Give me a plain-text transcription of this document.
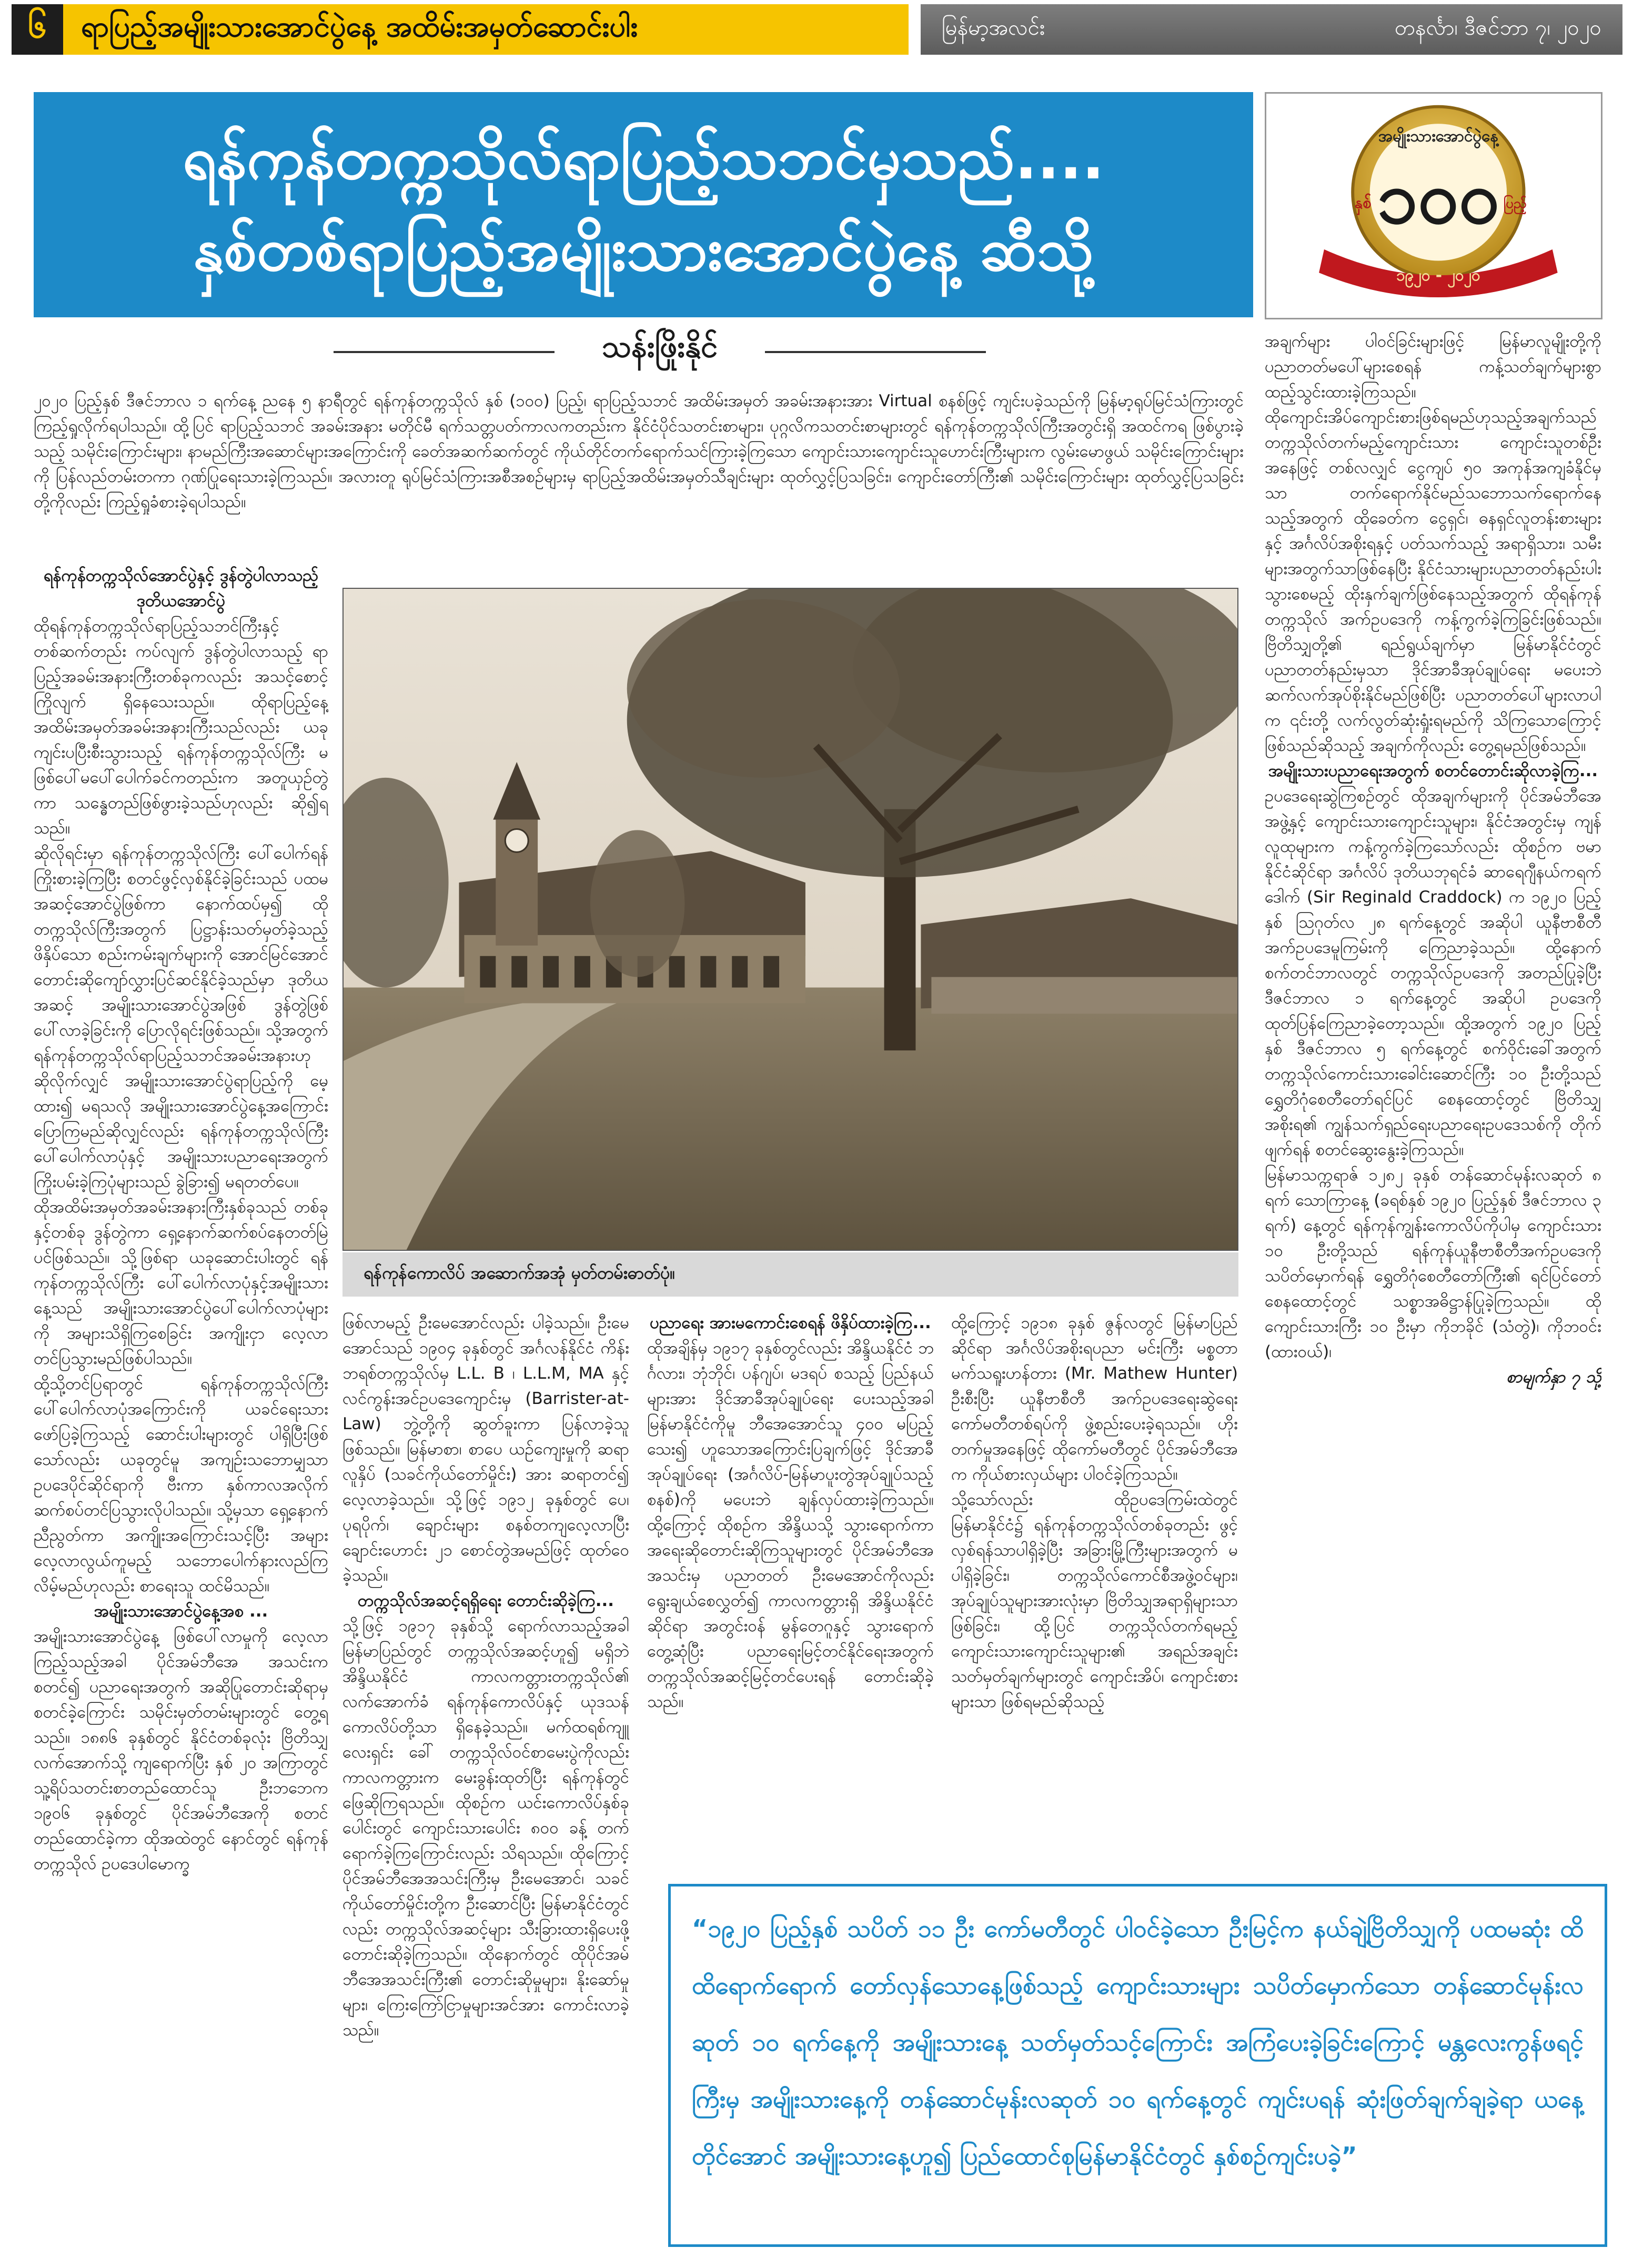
၆	ရာပြည့်အမျိုးသားအောင်ပွဲနေ့ အထိမ်းအမှတ်ဆောင်းပါး	မြန်မာ့အလင်း	တနင်္လာ၊ ဒီဇင်ဘာ ၇၊ ၂၀၂၀
ရန်ကုန်တက္ကသိုလ်ရာပြည့်သဘင်မှသည်....
နှစ်တစ်ရာပြည့်အမျိုးသားအောင်ပွဲနေ့ ဆီသို့
အမျိုးသားအောင်ပွဲနေ့
၁၀၀
နှစ်	ပြည့်
၁၉၂၀ - ၂၀၂၀
သန်းဖြိုးနိုင်
၂၀၂၀ ပြည့်နှစ် ဒီဇင်ဘာလ ၁ ရက်နေ့ ညနေ ၅ နာရီတွင် ရန်ကုန်တက္ကသိုလ် နှစ် (၁၀၀) ပြည့်၊ ရာပြည့်သဘင် အထိမ်းအမှတ် အခမ်းအနားအား Virtual စနစ်ဖြင့် ကျင်းပခဲ့သည်ကို မြန်မာ့ရုပ်မြင်သံကြားတွင် ကြည့်ရှုလိုက်ရပါသည်။ ထို့ပြင် ရာပြည့်သဘင် အခမ်းအနား မတိုင်မီ ရက်သတ္တပတ်ကာလကတည်းက နိုင်ငံပိုင်သတင်းစာများ၊ ပုဂ္ဂလိကသတင်းစာများတွင် ရန်ကုန်တက္ကသိုလ်ကြီးအတွင်းရှိ အထင်ကရ ဖြစ်ပွားခဲ့သည့် သမိုင်းကြောင်းများ၊ နာမည်ကြီးအဆောင်များအကြောင်းကို ခေတ်အဆက်ဆက်တွင် ကိုယ်တိုင်တက်ရောက်သင်ကြားခဲ့ကြသော ကျောင်းသားကျောင်းသူဟောင်းကြီးများက လွမ်းမောဖွယ် သမိုင်းကြောင်းများကို ပြန်လည်တမ်းတကာ ဂုဏ်ပြုရေးသားခဲ့ကြသည်။ အလားတူ ရုပ်မြင်သံကြားအစီအစဉ်များမှ ရာပြည့်အထိမ်းအမှတ်သီချင်းများ ထုတ်လွှင့်ပြသခြင်း၊ ကျောင်းတော်ကြီး၏ သမိုင်းကြောင်းများ ထုတ်လွှင့်ပြသခြင်းတို့ကိုလည်း ကြည့်ရှုခံစားခဲ့ရပါသည်။
ရန်ကုန်တက္ကသိုလ်အောင်ပွဲနှင့် ဒွန်တွဲပါလာသည့် ဒုတိယအောင်ပွဲ
ထိုရန်ကုန်တက္ကသိုလ်ရာပြည့်သဘင်ကြီးနှင့် တစ်ဆက်တည်း ကပ်လျက် ဒွန်တွဲပါလာသည့် ရာပြည့်အခမ်းအနားကြီးတစ်ခုကလည်း အသင့်စောင့်ကြိုလျက် ရှိနေသေးသည်။ ထိုရာပြည့်နေ့အထိမ်းအမှတ်အခမ်းအနားကြီးသည်လည်း ယခုကျင်းပပြီးစီးသွားသည့် ရန်ကုန်တက္ကသိုလ်ကြီး မဖြစ်ပေါ်မပေါ်ပေါက်ခင်ကတည်းက အတူယှဉ်တွဲကာ သန္ဓေတည်ဖြစ်ဖွားခဲ့သည်ဟုလည်း ဆို၍ရသည်။
ဆိုလိုရင်းမှာ ရန်ကုန်တက္ကသိုလ်ကြီး ပေါ်ပေါက်ရန် ကြိုးစားခဲ့ကြပြီး စတင်ဖွင့်လှစ်နိုင်ခဲ့ခြင်းသည် ပထမအဆင့်အောင်ပွဲဖြစ်ကာ နောက်ထပ်မှ၍ ထိုတက္ကသိုလ်ကြီးအတွက် ပြဋ္ဌာန်းသတ်မှတ်ခဲ့သည့် ဖိနှိပ်သော စည်းကမ်းချက်များကို အောင်မြင်အောင် တောင်းဆိုကျော်လွှားပြင်ဆင်နိုင်ခဲ့သည်မှာ ဒုတိယအဆင့် အမျိုးသားအောင်ပွဲအဖြစ် ဒွန်တွဲဖြစ်ပေါ်လာခဲ့ခြင်းကို ပြောလိုရင်းဖြစ်သည်။ သို့အတွက် ရန်ကုန်တက္ကသိုလ်ရာပြည့်သဘင်အခမ်းအနားဟု ဆိုလိုက်လျှင် အမျိုးသားအောင်ပွဲရာပြည့်ကို မေ့ထား၍ မရသလို အမျိုးသားအောင်ပွဲနေ့အကြောင်း ပြောကြမည်ဆိုလျှင်လည်း ရန်ကုန်တက္ကသိုလ်ကြီး ပေါ်ပေါက်လာပုံနှင့် အမျိုးသားပညာရေးအတွက်ကြိုးပမ်းခဲ့ကြပုံများသည် ခွဲခြား၍ မရတတ်ပေ။
ထိုအထိမ်းအမှတ်အခမ်းအနားကြီးနှစ်ခုသည် တစ်ခုနှင့်တစ်ခု ဒွန်တွဲကာ ရှေ့နောက်ဆက်စပ်နေတတ်မြဲပင်ဖြစ်သည်။ သို့ဖြစ်ရာ ယခုဆောင်းပါးတွင် ရန်ကုန်တက္ကသိုလ်ကြီး ပေါ်ပေါက်လာပုံနှင့်အမျိုးသားနေ့သည် အမျိုးသားအောင်ပွဲပေါ်ပေါက်လာပုံများကို အများသိရှိကြစေခြင်း အကျိုးငှာ လေ့လာတင်ပြသွားမည်ဖြစ်ပါသည်။
ထို့သို့တင်ပြရာတွင် ရန်ကုန်တက္ကသိုလ်ကြီး ပေါ်ပေါက်လာပုံအကြောင်းကို ယခင်ရေးသားဖော်ပြခဲ့ကြသည့် ဆောင်းပါးများတွင် ပါရှိပြီးဖြစ်သော်လည်း ယခုတွင်မူ အကျဉ်းသဘောမျှသာ ဥပဒေပိုင်ဆိုင်ရာကို ဗီးကာ နှစ်ကာလအလိုက် ဆက်စပ်တင်ပြသွားလိုပါသည်။ သို့မှသာ ရှေ့နောက်ညီညွတ်ကာ အကျိုးအကြောင်းသင့်ပြီး အများလေ့လာလွယ်ကူမည့် သဘောပေါက်နားလည်ကြလိမ့်မည်ဟုလည်း စာရေးသူ ထင်မိသည်။
အမျိုးသားအောင်ပွဲနေ့အစ ...
အမျိုးသားအောင်ပွဲနေ့ ဖြစ်ပေါ်လာမှုကို လေ့လာကြည့်သည့်အခါ ပိုင်အမ်ဘီအေ အသင်းက စတင်၍ ပညာရေးအတွက် အဆိုပြုတောင်းဆိုရာမှ စတင်ခဲ့ကြောင်း သမိုင်းမှတ်တမ်းများတွင် တွေ့ရသည်။ ၁၈၈၆ ခုနှစ်တွင် နိုင်ငံတစ်ခုလုံး ဗြိတိသျှ လက်အောက်သို့ ကျရောက်ပြီး နှစ် ၂၀ အကြာတွင် သူ့ရိပ်သတင်းစာတည်ထောင်သူ ဦးဘဘေက ၁၉၀၆ ခုနှစ်တွင် ပိုင်အမ်ဘီအေကို စတင်တည်ထောင်ခဲ့ကာ ထိုအထဲတွင် နောင်တွင် ရန်ကုန်တက္ကသိုလ် ဥပဒေပါမောက္ခ
ရန်ကုန်ကောလိပ် အဆောက်အအုံ မှတ်တမ်းဓာတ်ပုံ။
ဖြစ်လာမည့် ဦးမေအောင်လည်း ပါခဲ့သည်။ ဦးမေအောင်သည် ၁၉၀၄ ခုနှစ်တွင် အင်္ဂလန်နိုင်ငံ ကိန်းဘရစ်တက္ကသိုလ်မှ L.L. B ၊ L.L.M, MA နှင့် လင်ကွန်းအင်ဥပဒေကျောင်းမှ (Barrister-at-Law) ဘွဲ့တို့ကို ဆွတ်ခူးကာ ပြန်လာခဲ့သူဖြစ်သည်။ မြန်မာစာ၊ စာပေ ယဉ်ကျေးမှုကို ဆရာလူနှိပ် (သခင်ကိုယ်တော်မှိုင်း) အား ဆရာတင်၍ လေ့လာခဲ့သည်။ သို့ဖြင့် ၁၉၁၂ ခုနှစ်တွင် ပေ၊ ပုရပိုက်၊ ချောင်းများ စနစ်တကျလေ့လာပြီး ချောင်းဟောင်း ၂၁ စောင်တွဲအမည်ဖြင့် ထုတ်ဝေခဲ့သည်။
တက္ကသိုလ်အဆင့်ရရှိရေး တောင်းဆိုခဲ့ကြ...
သို့ဖြင့် ၁၉၁၇ ခုနှစ်သို့ ရောက်လာသည့်အခါ မြန်မာပြည်တွင် တက္ကသိုလ်အဆင့်ဟူ၍ မရှိဘဲ အိန္ဒိယနိုင်ငံ ကာလကတ္တားတက္ကသိုလ်၏ လက်အောက်ခံ ရန်ကုန်ကောလိပ်နှင့် ယုဒသန်ကောလိပ်တို့သာ ရှိနေခဲ့သည်။ မက်ထရစ်ကျူလေးရှင်း ခေါ် တက္ကသိုလ်ဝင်စာမေးပွဲကိုလည်း ကာလကတ္တားက မေးခွန်းထုတ်ပြီး ရန်ကုန်တွင် ဖြေဆိုကြရသည်။ ထိုစဉ်က ယင်းကောလိပ်နှစ်ခုပေါင်းတွင် ကျောင်းသားပေါင်း ၈၀၀ ခန့် တက်ရောက်ခဲ့ကြကြောင်းလည်း သိရသည်။ ထိုကြောင့် ပိုင်အမ်ဘီအေအသင်းကြီးမှ ဦးမေအောင်၊ သခင်ကိုယ်တော်မှိုင်းတို့က ဦးဆောင်ပြီး မြန်မာနိုင်ငံတွင်လည်း တက္ကသိုလ်အဆင့်များ သီးခြားထားရှိပေးဖို့ တောင်းဆိုခဲ့ကြသည်။ ထိုနောက်တွင် ထိုပိုင်အမ်ဘီအေအသင်းကြီး၏ တောင်းဆိုမှုများ၊ နိုးဆော်မှုများ၊ ကြေးကြော်ငြာမှုများအင်အား ကောင်းလာခဲ့သည်။
ပညာရေး အားမကောင်းစေရန် ဖိနှိပ်ထားခဲ့ကြ...
ထိုအချိန်မှ ၁၉၁၇ ခုနှစ်တွင်လည်း အိန္ဒိယနိုင်ငံ ဘင်္ဂလား၊ ဘုံဘိုင်၊ ပန်ဂျပ်၊ မဒရပ် စသည့် ပြည်နယ်များအား ဒိုင်အာခီအုပ်ချုပ်ရေး ပေးသည့်အခါ မြန်မာနိုင်ငံကိုမူ ဘီအေအောင်သူ ၄၀၀ မပြည့်သေး၍ ဟူသောအကြောင်းပြချက်ဖြင့် ဒိုင်အာခီအုပ်ချုပ်ရေး (အင်္ဂလိပ်-မြန်မာပူးတွဲအုပ်ချုပ်သည့်စနစ်)ကို မပေးဘဲ ချန်လှပ်ထားခဲ့ကြသည်။ ထို့ကြောင့် ထိုစဉ်က အိန္ဒိယသို့ သွားရောက်ကာ အရေးဆိုတောင်းဆိုကြသူများတွင် ပိုင်အမ်ဘီအေအသင်းမှ ပညာတတ် ဦးမေအောင်ကိုလည်း ရွေးချယ်စေလွှတ်၍ ကာလကတ္တားရှိ အိန္ဒိယနိုင်ငံဆိုင်ရာ အတွင်းဝန် မွန်တေဂူနှင့် သွားရောက်တွေ့ဆုံပြီး ပညာရေးမြင့်တင်နိုင်ရေးအတွက် တက္ကသိုလ်အဆင့်မြင့်တင်ပေးရန် တောင်းဆိုခဲ့သည်။
ထို့ကြောင့် ၁၉၁၈ ခုနှစ် ဇွန်လတွင် မြန်မာပြည်ဆိုင်ရာ အင်္ဂလိပ်အစိုးရပညာ မင်းကြီး မစ္စတာ မက်သရူးဟန်တား (Mr. Mathew Hunter) ဦးစီးပြီး ယူနီဗာစီတီ အက်ဥပဒေရေးဆွဲရေး ကော်မတီတစ်ရပ်ကို ဖွဲ့စည်းပေးခဲ့ရသည်။ ဟိုးတက်မှုအနေဖြင့် ထိုကော်မတီတွင် ပိုင်အမ်ဘီအေက ကိုယ်စားလှယ်များ ပါဝင်ခဲ့ကြသည်။
သို့သော်လည်း ထိုဥပဒေကြမ်းထဲတွင် မြန်မာနိုင်ငံ၌ ရန်ကုန်တက္ကသိုလ်တစ်ခုတည်း ဖွင့်လှစ်ရန်သာပါရှိခဲ့ပြီး အခြားမြို့ကြီးများအတွက် မပါရှိခဲ့ခြင်း၊ တက္ကသိုလ်ကောင်စီအဖွဲ့ဝင်များ၊ အုပ်ချုပ်သူများအားလုံးမှာ ဗြိတိသျှအရာရှိများသာ ဖြစ်ခြင်း၊ ထို့ပြင် တက္ကသိုလ်တက်ရမည့်ကျောင်းသားကျောင်းသူများ၏ အရည်အချင်းသတ်မှတ်ချက်များတွင် ကျောင်းအိပ်၊ ကျောင်းစားများသာ ဖြစ်ရမည်ဆိုသည့်
အချက်များ ပါဝင်ခြင်းများဖြင့် မြန်မာလူမျိုးတို့ကို ပညာတတ်မပေါ်များစေရန် ကန့်သတ်ချက်များစွာ ထည့်သွင်းထားခဲ့ကြသည်။
ထိုကျောင်းအိပ်ကျောင်းစားဖြစ်ရမည်ဟုသည့်အချက်သည် တက္ကသိုလ်တက်မည့်ကျောင်းသား ကျောင်းသူတစ်ဦးအနေဖြင့် တစ်လလျှင် ငွေကျပ် ၅၀ အကုန်အကျခံနိုင်မှသာ တက်ရောက်နိုင်မည်သဘောသက်ရောက်နေသည့်အတွက် ထိုခေတ်က ငွေရှင်၊ ဓနရှင်လူတန်းစားများနှင့် အင်္ဂလိပ်အစိုးရနှင့် ပတ်သက်သည့် အရာရှိသား၊ သမီးများအတွက်သာဖြစ်နေပြီး နိုင်ငံသားများပညာတတ်နည်းပါးသွားစေမည့် ထိုးနှက်ချက်ဖြစ်နေသည့်အတွက် ထိုရန်ကုန်တက္ကသိုလ် အက်ဥပဒေကို ကန့်ကွက်ခဲ့ကြခြင်းဖြစ်သည်။ ဗြိတိသျှတို့၏ ရည်ရွယ်ချက်မှာ မြန်မာနိုင်ငံတွင် ပညာတတ်နည်းမှသာ ဒိုင်အာခီအုပ်ချုပ်ရေး မပေးဘဲ ဆက်လက်အုပ်စိုးနိုင်မည်ဖြစ်ပြီး ပညာတတ်ပေါ်များလာပါက ၎င်းတို့ လက်လွတ်ဆုံးရှုံးရမည်ကို သိကြသောကြောင့်ဖြစ်သည်ဆိုသည့် အချက်ကိုလည်း တွေ့ရမည်ဖြစ်သည်။
အမျိုးသားပညာရေးအတွက် စတင်တောင်းဆိုလာခဲ့ကြ...
ဥပဒေရေးဆွဲကြစဉ်တွင် ထိုအချက်များကို ပိုင်အမ်ဘီအေအဖွဲ့နှင့် ကျောင်းသားကျောင်းသူများ၊ နိုင်ငံအတွင်းမှ ကျန်လူထုများက ကန့်ကွက်ခဲ့ကြသော်လည်း ထိုစဉ်က ဗမာနိုင်ငံဆိုင်ရာ အင်္ဂလိပ် ဒုတိယဘုရင်ခံ ဆာရေဂျီနယ်ကရက်ဒေါက် (Sir Reginald Craddock) က ၁၉၂၀ ပြည့်နှစ် ဩဂုတ်လ ၂၈ ရက်နေ့တွင် အဆိုပါ ယူနီဗာစီတီ အက်ဥပဒေမူကြမ်းကို ကြေညာခဲ့သည်။ ထို့နောက် စက်တင်ဘာလတွင် တက္ကသိုလ်ဥပဒေကို အတည်ပြုခဲ့ပြီး ဒီဇင်ဘာလ ၁ ရက်နေ့တွင် အဆိုပါ ဥပဒေကို ထုတ်ပြန်ကြေညာခဲ့တော့သည်။ ထို့အတွက် ၁၉၂၀ ပြည့်နှစ် ဒီဇင်ဘာလ ၅ ရက်နေ့တွင် စက်ဝိုင်းခေါ်အတွက် တက္ကသိုလ်ကောင်းသားခေါင်းဆောင်ကြီး ၁၀ ဦးတို့သည် ရွှေတိဂုံစေတီတော်ရင်ပြင် စေနထောင့်တွင် ဗြိတိသျှအစိုးရ၏ ကျွန်သက်ရှည်ရေးပညာရေးဥပဒေသစ်ကို တိုက်ဖျက်ရန် စတင်ဆွေးနွေးခဲ့ကြသည်။
မြန်မာသက္ကရာဇ် ၁၂၈၂ ခုနှစ် တန်ဆောင်မုန်းလဆုတ် ၈ ရက် သောကြာနေ့ (ခရစ်နှစ် ၁၉၂၀ ပြည့်နှစ် ဒီဇင်ဘာလ ၃ ရက်) နေ့တွင် ရန်ကုန်ကျွန်းကောလိပ်ကိုပါမှ ကျောင်းသား ၁၀ ဦးတို့သည် ရန်ကုန်ယူနီဗာစီတီအက်ဥပဒေကို သပိတ်မှောက်ရန် ရွှေတိဂုံစေတီတော်ကြီး၏ ရင်ပြင်တော် စေနထောင့်တွင် သစ္စာအဓိဋ္ဌာန်ပြုခဲ့ကြသည်။ ထိုကျောင်းသားကြီး ၁၀ ဦးမှာ ကိုဘခိုင် (သံတွဲ)၊ ကိုဘဝင်း (ထားဝယ်)၊
စာမျက်နှာ ၇ သို့
“၁၉၂၀ ပြည့်နှစ် သပိတ် ၁၁ ဦး ကော်မတီတွင် ပါဝင်ခဲ့သော ဦးမြင့်က နယ်ချဲ့ဗြိတိသျှကို ပထမဆုံး ထိထိရောက်ရောက် တော်လှန်သောနေ့ဖြစ်သည့် ကျောင်းသားများ သပိတ်မှောက်သော တန်ဆောင်မုန်းလဆုတ် ၁၀ ရက်နေ့ကို အမျိုးသားနေ့ သတ်မှတ်သင့်ကြောင်း အကြံပေးခဲ့ခြင်းကြောင့် မန္တလေးကွန်ဖရင့်ကြီးမှ အမျိုးသားနေ့ကို တန်ဆောင်မုန်းလဆုတ် ၁၀ ရက်နေ့တွင် ကျင်းပရန် ဆုံးဖြတ်ချက်ချခဲ့ရာ ယနေ့တိုင်အောင် အမျိုးသားနေ့ဟူ၍ ပြည်ထောင်စုမြန်မာနိုင်ငံတွင် နှစ်စဉ်ကျင်းပခဲ့”
